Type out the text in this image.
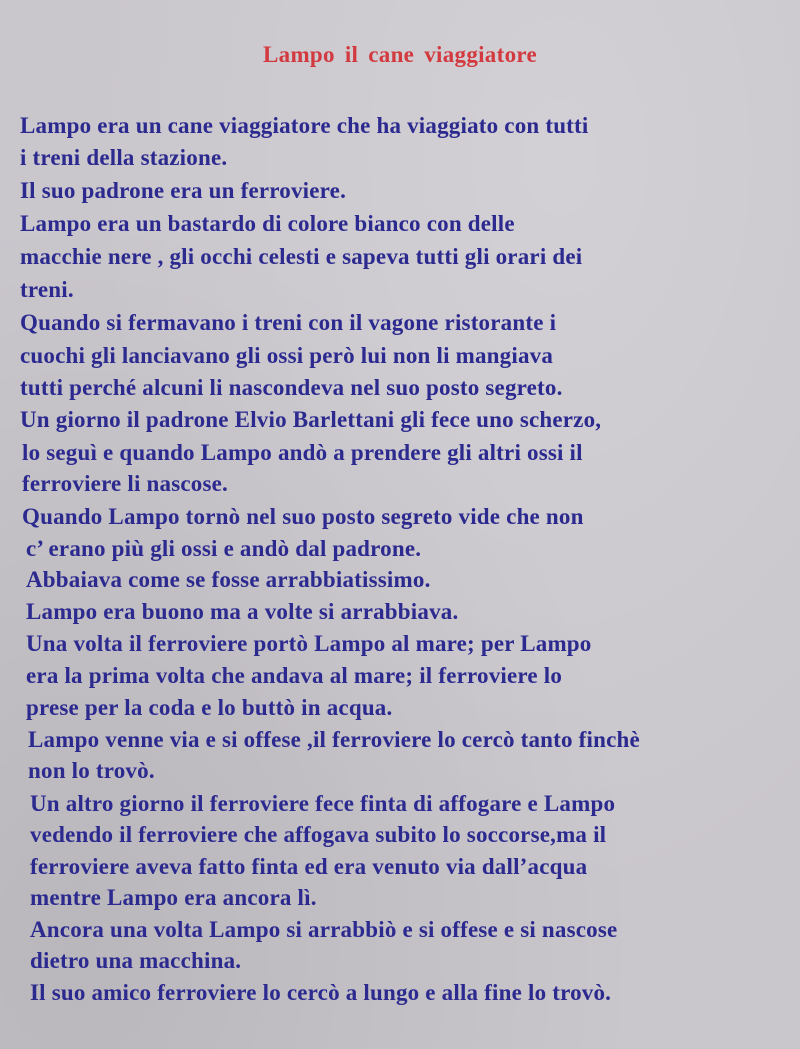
Lampo il cane viaggiatore
Lampo era un cane viaggiatore che ha viaggiato con tutti
i treni della stazione.
Il suo padrone era un ferroviere.
Lampo era un bastardo di colore bianco con delle
macchie nere , gli occhi celesti e sapeva tutti gli orari dei
treni.
Quando si fermavano i treni con il vagone ristorante i
cuochi gli lanciavano gli ossi però lui non li mangiava
tutti perché alcuni li nascondeva nel suo posto segreto.
Un giorno il padrone Elvio Barlettani gli fece uno scherzo,
lo seguì e quando Lampo andò a prendere gli altri ossi il
ferroviere li nascose.
Quando Lampo tornò nel suo posto segreto vide che non
c’ erano più gli ossi e andò dal padrone.
Abbaiava come se fosse arrabbiatissimo.
Lampo era buono ma a volte si arrabbiava.
Una volta il ferroviere portò Lampo al mare; per Lampo
era la prima volta che andava al mare; il ferroviere lo
prese per la coda e lo buttò in acqua.
Lampo venne via e si offese ,il ferroviere lo cercò tanto finchè
non lo trovò.
Un altro giorno il ferroviere fece finta di affogare e Lampo
vedendo il ferroviere che affogava subito lo soccorse,ma il
ferroviere aveva fatto finta ed era venuto via dall’acqua
mentre Lampo era ancora lì.
Ancora una volta Lampo si arrabbiò e si offese e si nascose
dietro una macchina.
Il suo amico ferroviere lo cercò a lungo e alla fine lo trovò.
